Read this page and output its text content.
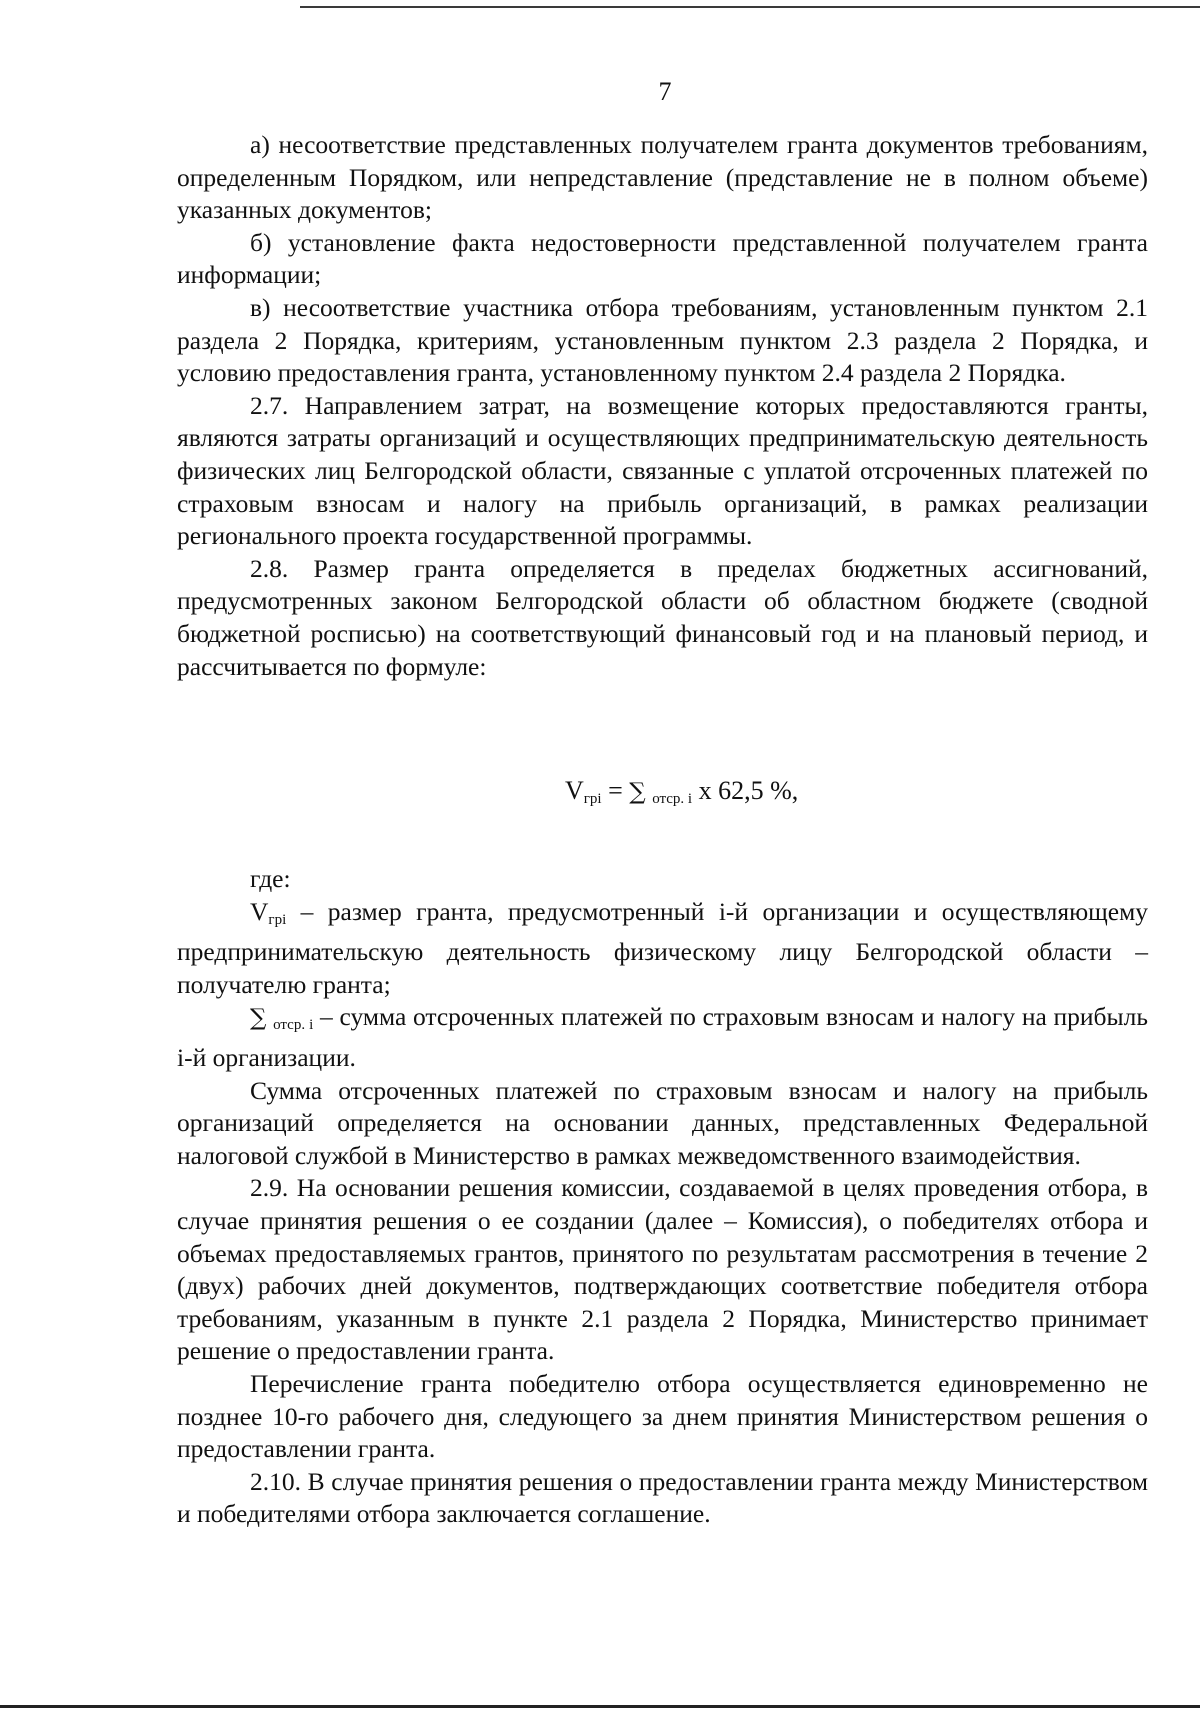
7

а) несоответствие представленных получателем гранта документов требованиям, определенным Порядком, или непредставление (представление не в полном объеме) указанных документов;

б) установление факта недостоверности представленной получателем гранта информации;

в) несоответствие участника отбора требованиям, установленным пунктом 2.1 раздела 2 Порядка, критериям, установленным пунктом 2.3 раздела 2 Порядка, и условию предоставления гранта, установленному пунктом 2.4 раздела 2 Порядка.

2.7. Направлением затрат, на возмещение которых предоставляются гранты, являются затраты организаций и осуществляющих предпринимательскую деятельность физических лиц Белгородской области, связанные с уплатой отсроченных платежей по страховым взносам и налогу на прибыль организаций, в рамках реализации регионального проекта государственной программы.

2.8. Размер гранта определяется в пределах бюджетных ассигнований, предусмотренных законом Белгородской области об областном бюджете (сводной бюджетной росписью) на соответствующий финансовый год и на плановый период, и рассчитывается по формуле:

$V_{грi}$ = ∑ $_{отср. i}$ х 62,5 %,

где:

$V_{грi}$ – размер гранта, предусмотренный i-й организации и осуществляющему предпринимательскую деятельность физическому лицу Белгородской области – получателю гранта;

∑ $_{отср. i}$ – сумма отсроченных платежей по страховым взносам и налогу на прибыль i-й организации.

Сумма отсроченных платежей по страховым взносам и налогу на прибыль организаций определяется на основании данных, представленных Федеральной налоговой службой в Министерство в рамках межведомственного взаимодействия.

2.9. На основании решения комиссии, создаваемой в целях проведения отбора, в случае принятия решения о ее создании (далее – Комиссия), о победителях отбора и объемах предоставляемых грантов, принятого по результатам рассмотрения в течение 2 (двух) рабочих дней документов, подтверждающих соответствие победителя отбора требованиям, указанным в пункте 2.1 раздела 2 Порядка, Министерство принимает решение о предоставлении гранта.

Перечисление гранта победителю отбора осуществляется единовременно не позднее 10-го рабочего дня, следующего за днем принятия Министерством решения о предоставлении гранта.

2.10. В случае принятия решения о предоставлении гранта между Министерством и победителями отбора заключается соглашение.
